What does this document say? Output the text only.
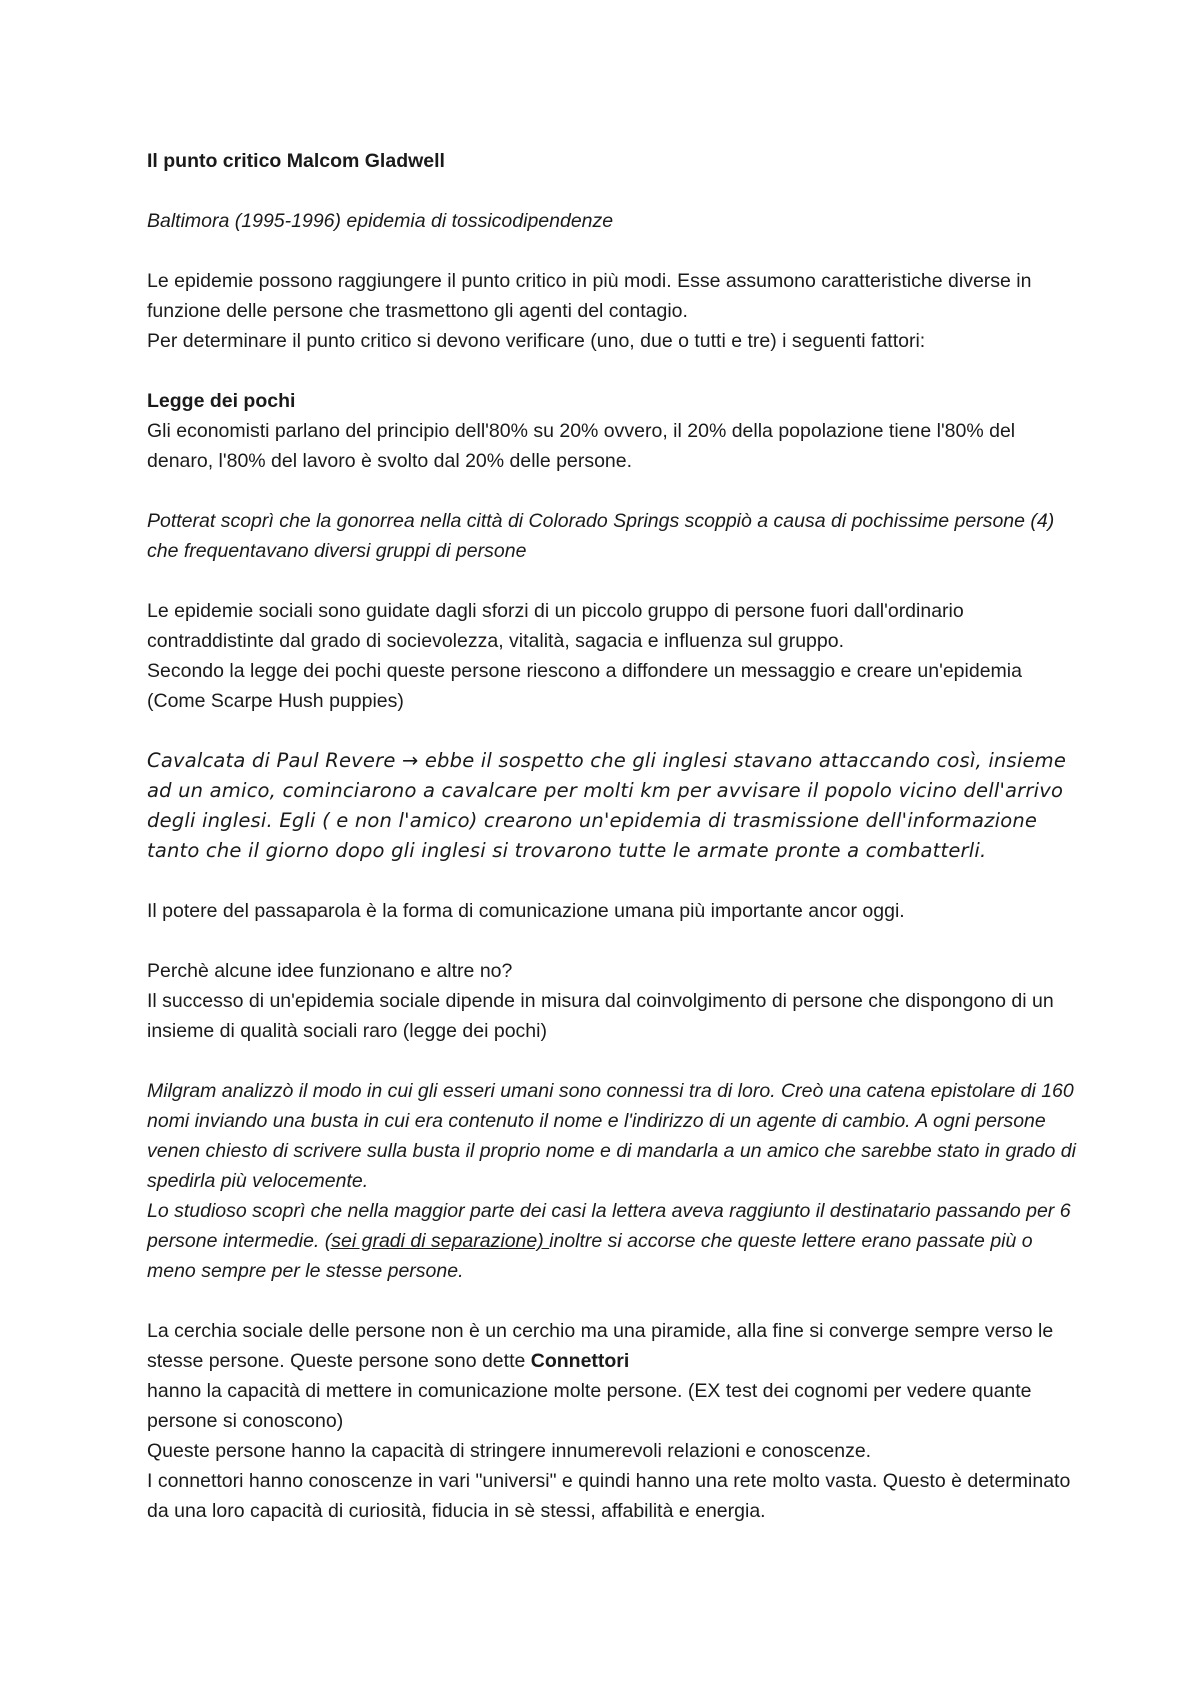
Il punto critico Malcom Gladwell

Baltimora (1995-1996) epidemia di tossicodipendenze

Le epidemie possono raggiungere il punto critico in più modi. Esse assumono caratteristiche diverse in funzione delle persone che trasmettono gli agenti del contagio.
Per determinare il punto critico si devono verificare (uno, due o tutti e tre) i seguenti fattori:

Legge dei pochi
Gli economisti parlano del principio dell'80% su 20% ovvero, il 20% della popolazione tiene l'80% del denaro, l'80% del lavoro è svolto dal 20% delle persone.

Potterat scoprì che la gonorrea nella città di Colorado Springs scoppiò a causa di pochissime persone (4) che frequentavano diversi gruppi di persone

Le epidemie sociali sono guidate dagli sforzi di un piccolo gruppo di persone fuori dall'ordinario contraddistinte dal grado di socievolezza, vitalità, sagacia e influenza sul gruppo.
Secondo la legge dei pochi queste persone riescono a diffondere un messaggio e creare un'epidemia (Come Scarpe Hush puppies)

Cavalcata di Paul Revere → ebbe il sospetto che gli inglesi stavano attaccando così, insieme ad un amico, cominciarono a cavalcare per molti km per avvisare il popolo vicino dell'arrivo degli inglesi. Egli ( e non l'amico) crearono un'epidemia di trasmissione dell'informazione tanto che il giorno dopo gli inglesi si trovarono tutte le armate pronte a combatterli.

Il potere del passaparola è la forma di comunicazione umana più importante ancor oggi.

Perchè alcune idee funzionano e altre no?
Il successo di un'epidemia sociale dipende in misura dal coinvolgimento di persone che dispongono di un insieme di qualità sociali raro (legge dei pochi)

Milgram analizzò il modo in cui gli esseri umani sono connessi tra di loro. Creò una catena epistolare di 160 nomi inviando una busta in cui era contenuto il nome e l'indirizzo di un agente di cambio. A ogni persone venen chiesto di scrivere sulla busta il proprio nome e di mandarla a un amico che sarebbe stato in grado di spedirla più velocemente.
Lo studioso scoprì che nella maggior parte dei casi la lettera aveva raggiunto il destinatario passando per 6 persone intermedie. (sei gradi di separazione) inoltre si accorse che queste lettere erano passate più o meno sempre per le stesse persone.

La cerchia sociale delle persone non è un cerchio ma una piramide, alla fine si converge sempre verso le stesse persone. Queste persone sono dette Connettori
hanno la capacità di mettere in comunicazione molte persone. (EX test dei cognomi per vedere quante persone si conoscono)
Queste persone hanno la capacità di stringere innumerevoli relazioni e conoscenze.
I connettori hanno conoscenze in vari "universi" e quindi hanno una rete molto vasta. Questo è determinato da una loro capacità di curiosità, fiducia in sè stessi, affabilità e energia.
